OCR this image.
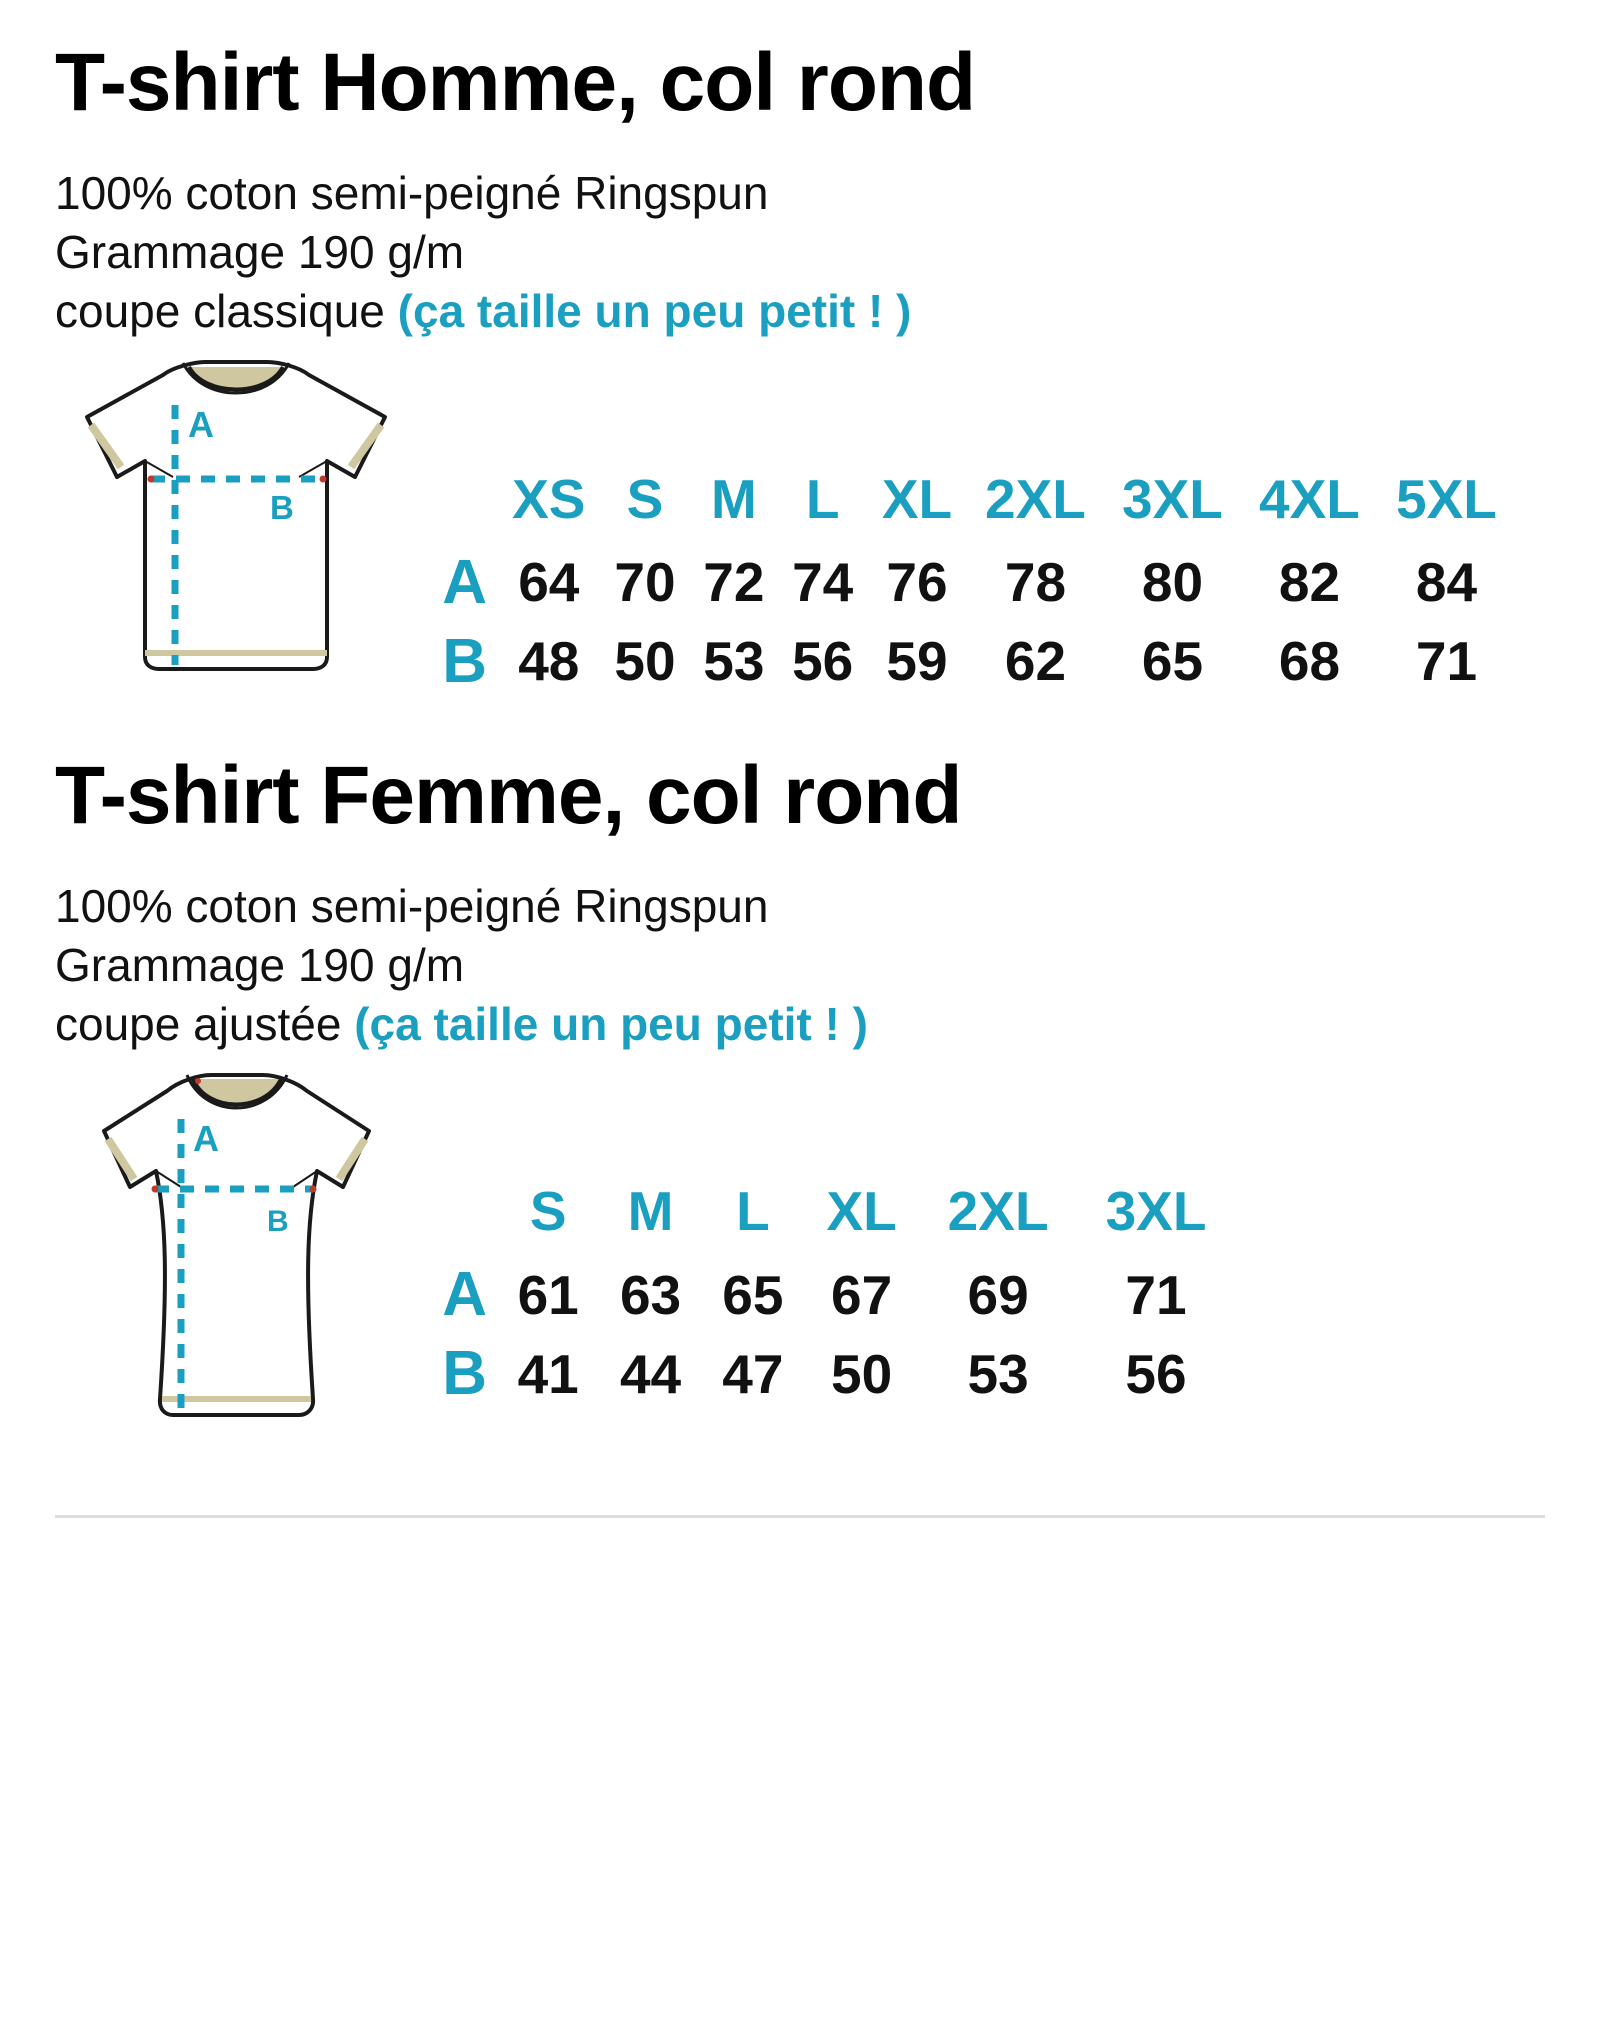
T-shirt Homme, col rond
100% coton semi-peigné Ringspun
Grammage 190 g/m
coupe classique (ça taille un peu petit ! )
A
B
		XS	S	M	L	XL	2XL	3XL	4XL	5XL
A	64	70	72	74	76	78	80	82	84
B	48	50	53	56	59	62	65	68	71
T-shirt Femme, col rond
100% coton semi-peigné Ringspun
Grammage 190 g/m
coupe ajustée (ça taille un peu petit ! )
A
B
		S	M	L	XL	2XL	3XL
A	61	63	65	67	69	71
B	41	44	47	50	53	56
